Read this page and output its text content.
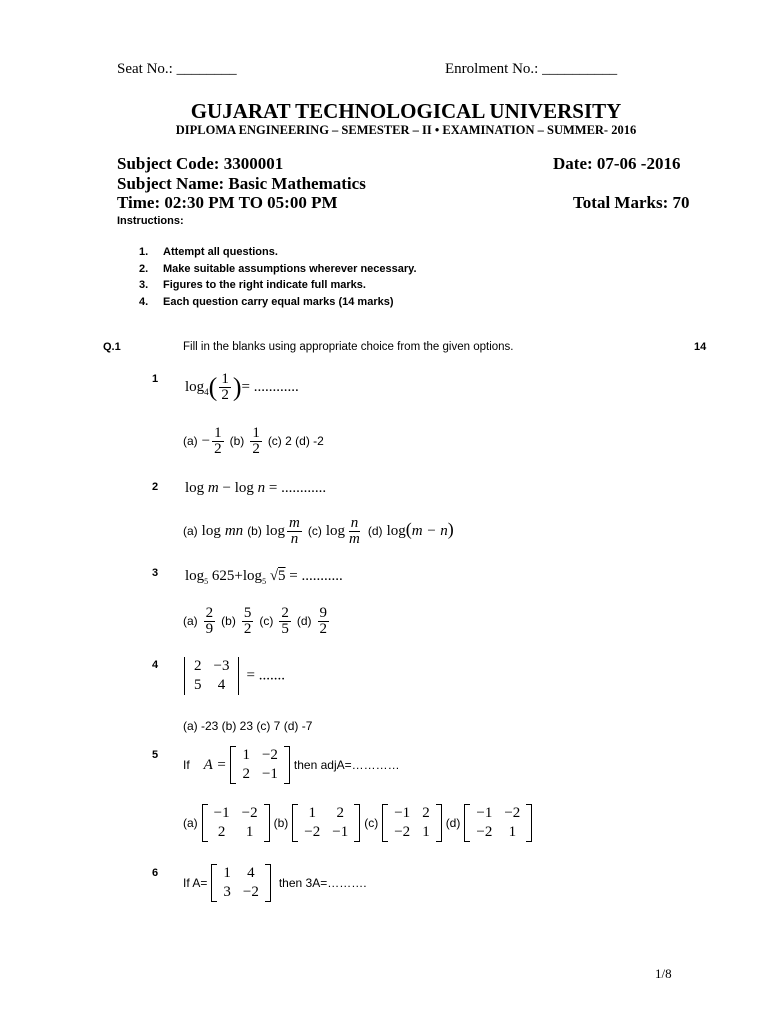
Seat No.: ________	Enrolment No.: __________
GUJARAT TECHNOLOGICAL UNIVERSITY
DIPLOMA ENGINEERING – SEMESTER – II • EXAMINATION – SUMMER- 2016
Subject Code: 3300001	Date: 07-06 -2016
Subject Name: Basic Mathematics
Time: 02:30 PM TO 05:00 PM	Total Marks: 70
Instructions:
1. Attempt all questions.
2. Make suitable assumptions wherever necessary.
3. Figures to the right indicate full marks.
4. Each question carry equal marks (14 marks)
Q.1	Fill in the blanks using appropriate choice from the given options.	14
1 $\log_4( \frac{1}{2}$ )= ............
$(a) - \frac{1}{2} (b) \frac{1}{2} (c)$ 2 (d) -2
2 log m − log n = ............
(a) log mn (b) $\log \frac{m}{n} (c)$ $\log \frac{n}{m} (d) \log(m - n)$
3 $\log_5 625+\log_5$ √5 = ...........
$(a) \frac{2}{9} (b) \frac{5}{2} (c) \frac{2}{5} (d) \frac{9}{2}$
4 2	−3
5	4
= .......
(a) -23 (b) 23 (c) 7 (d) -7
5
If A =
1	−2
2	−1
then adjA=…………
(a)
−1	−2
2	1
(b)
1	2
−2	−1
(c)
−1	2
−2	1
(d)
−1	−2
−2	1
6
If A=
1	4
3	−2
then 3A=……….
1/8
